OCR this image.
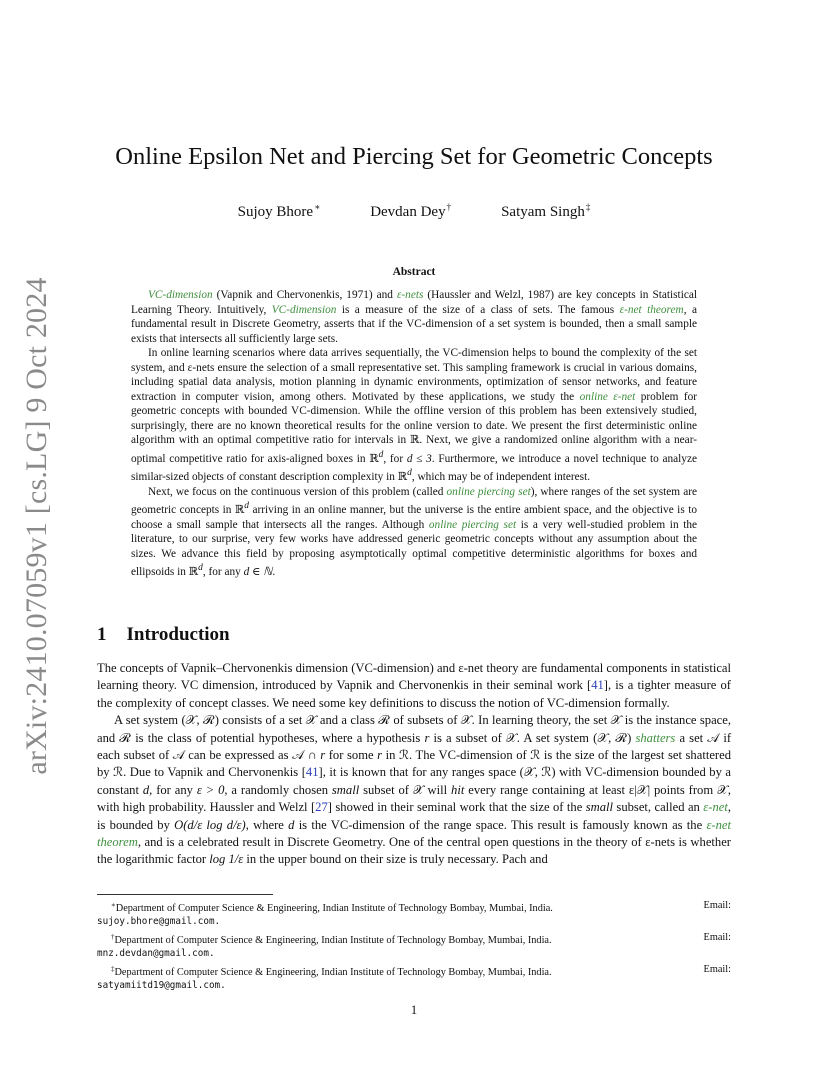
arXiv:2410.07059v1 [cs.LG] 9 Oct 2024
Online Epsilon Net and Piercing Set for Geometric Concepts
Sujoy Bhore∗	Devdan Dey†	Satyam Singh‡
Abstract

VC-dimension (Vapnik and Chervonenkis, 1971) and ε-nets (Haussler and Welzl, 1987) are key concepts in Statistical Learning Theory. Intuitively, VC-dimension is a measure of the size of a class of sets. The famous ε-net theorem, a fundamental result in Discrete Geometry, asserts that if the VC-dimension of a set system is bounded, then a small sample exists that intersects all sufficiently large sets.

In online learning scenarios where data arrives sequentially, the VC-dimension helps to bound the complexity of the set system, and ε-nets ensure the selection of a small representative set. This sampling framework is crucial in various domains, including spatial data analysis, motion planning in dynamic environments, optimization of sensor networks, and feature extraction in computer vision, among others. Motivated by these applications, we study the online ε-net problem for geometric concepts with bounded VC-dimension. While the offline version of this problem has been extensively studied, surprisingly, there are no known theoretical results for the online version to date. We present the first deterministic online algorithm with an optimal competitive ratio for intervals in ℝ. Next, we give a randomized online algorithm with a near-optimal competitive ratio for axis-aligned boxes in ℝ$^d$, for d ≤ 3. Furthermore, we introduce a novel technique to analyze similar-sized objects of constant description complexity in ℝ$^d$, which may be of independent interest.

Next, we focus on the continuous version of this problem (called online piercing set), where ranges of the set system are geometric concepts in ℝ$^d$ arriving in an online manner, but the universe is the entire ambient space, and the objective is to choose a small sample that intersects all the ranges. Although online piercing set is a very well-studied problem in the literature, to our surprise, very few works have addressed generic geometric concepts without any assumption about the sizes. We advance this field by proposing asymptotically optimal competitive deterministic algorithms for boxes and ellipsoids in ℝ$^d$, for any d ∈ ℕ.

1 Introduction

The concepts of Vapnik–Chervonenkis dimension (VC-dimension) and ε-net theory are fundamental components in statistical learning theory. VC dimension, introduced by Vapnik and Chervonenkis in their seminal work [41], is a tighter measure of the complexity of concept classes. We need some key definitions to discuss the notion of VC-dimension formally.

A set system (𝒳, ℛ) consists of a set 𝒳 and a class ℛ of subsets of 𝒳. In learning theory, the set 𝒳 is the instance space, and ℛ is the class of potential hypotheses, where a hypothesis r is a subset of 𝒳. A set system (𝒳, ℛ) shatters a set 𝒜 if each subset of 𝒜 can be expressed as 𝒜 ∩ r for some r in ℛ. The VC-dimension of ℛ is the size of the largest set shattered by ℛ. Due to Vapnik and Chervonenkis [41], it is known that for any ranges space (𝒳, ℛ) with VC-dimension bounded by a constant d, for any ε > 0, a randomly chosen small subset of 𝒳 will hit every range containing at least ε|𝒳| points from 𝒳, with high probability. Haussler and Welzl [27] showed in their seminal work that the size of the small subset, called an ε-net, is bounded by O(d/ε log d/ε), where d is the VC-dimension of the range space. This result is famously known as the ε-net theorem, and is a celebrated result in Discrete Geometry. One of the central open questions in the theory of ε-nets is whether the logarithmic factor log 1/ε in the upper bound on their size is truly necessary. Pach and

∗Department of Computer Science & Engineering, Indian Institute of Technology Bombay, Mumbai, India.	Email:
sujoy.bhore@gmail.com.
†Department of Computer Science & Engineering, Indian Institute of Technology Bombay, Mumbai, India.	Email:
mnz.devdan@gmail.com.
‡Department of Computer Science & Engineering, Indian Institute of Technology Bombay, Mumbai, India.	Email:
satyamiitd19@gmail.com.
1
